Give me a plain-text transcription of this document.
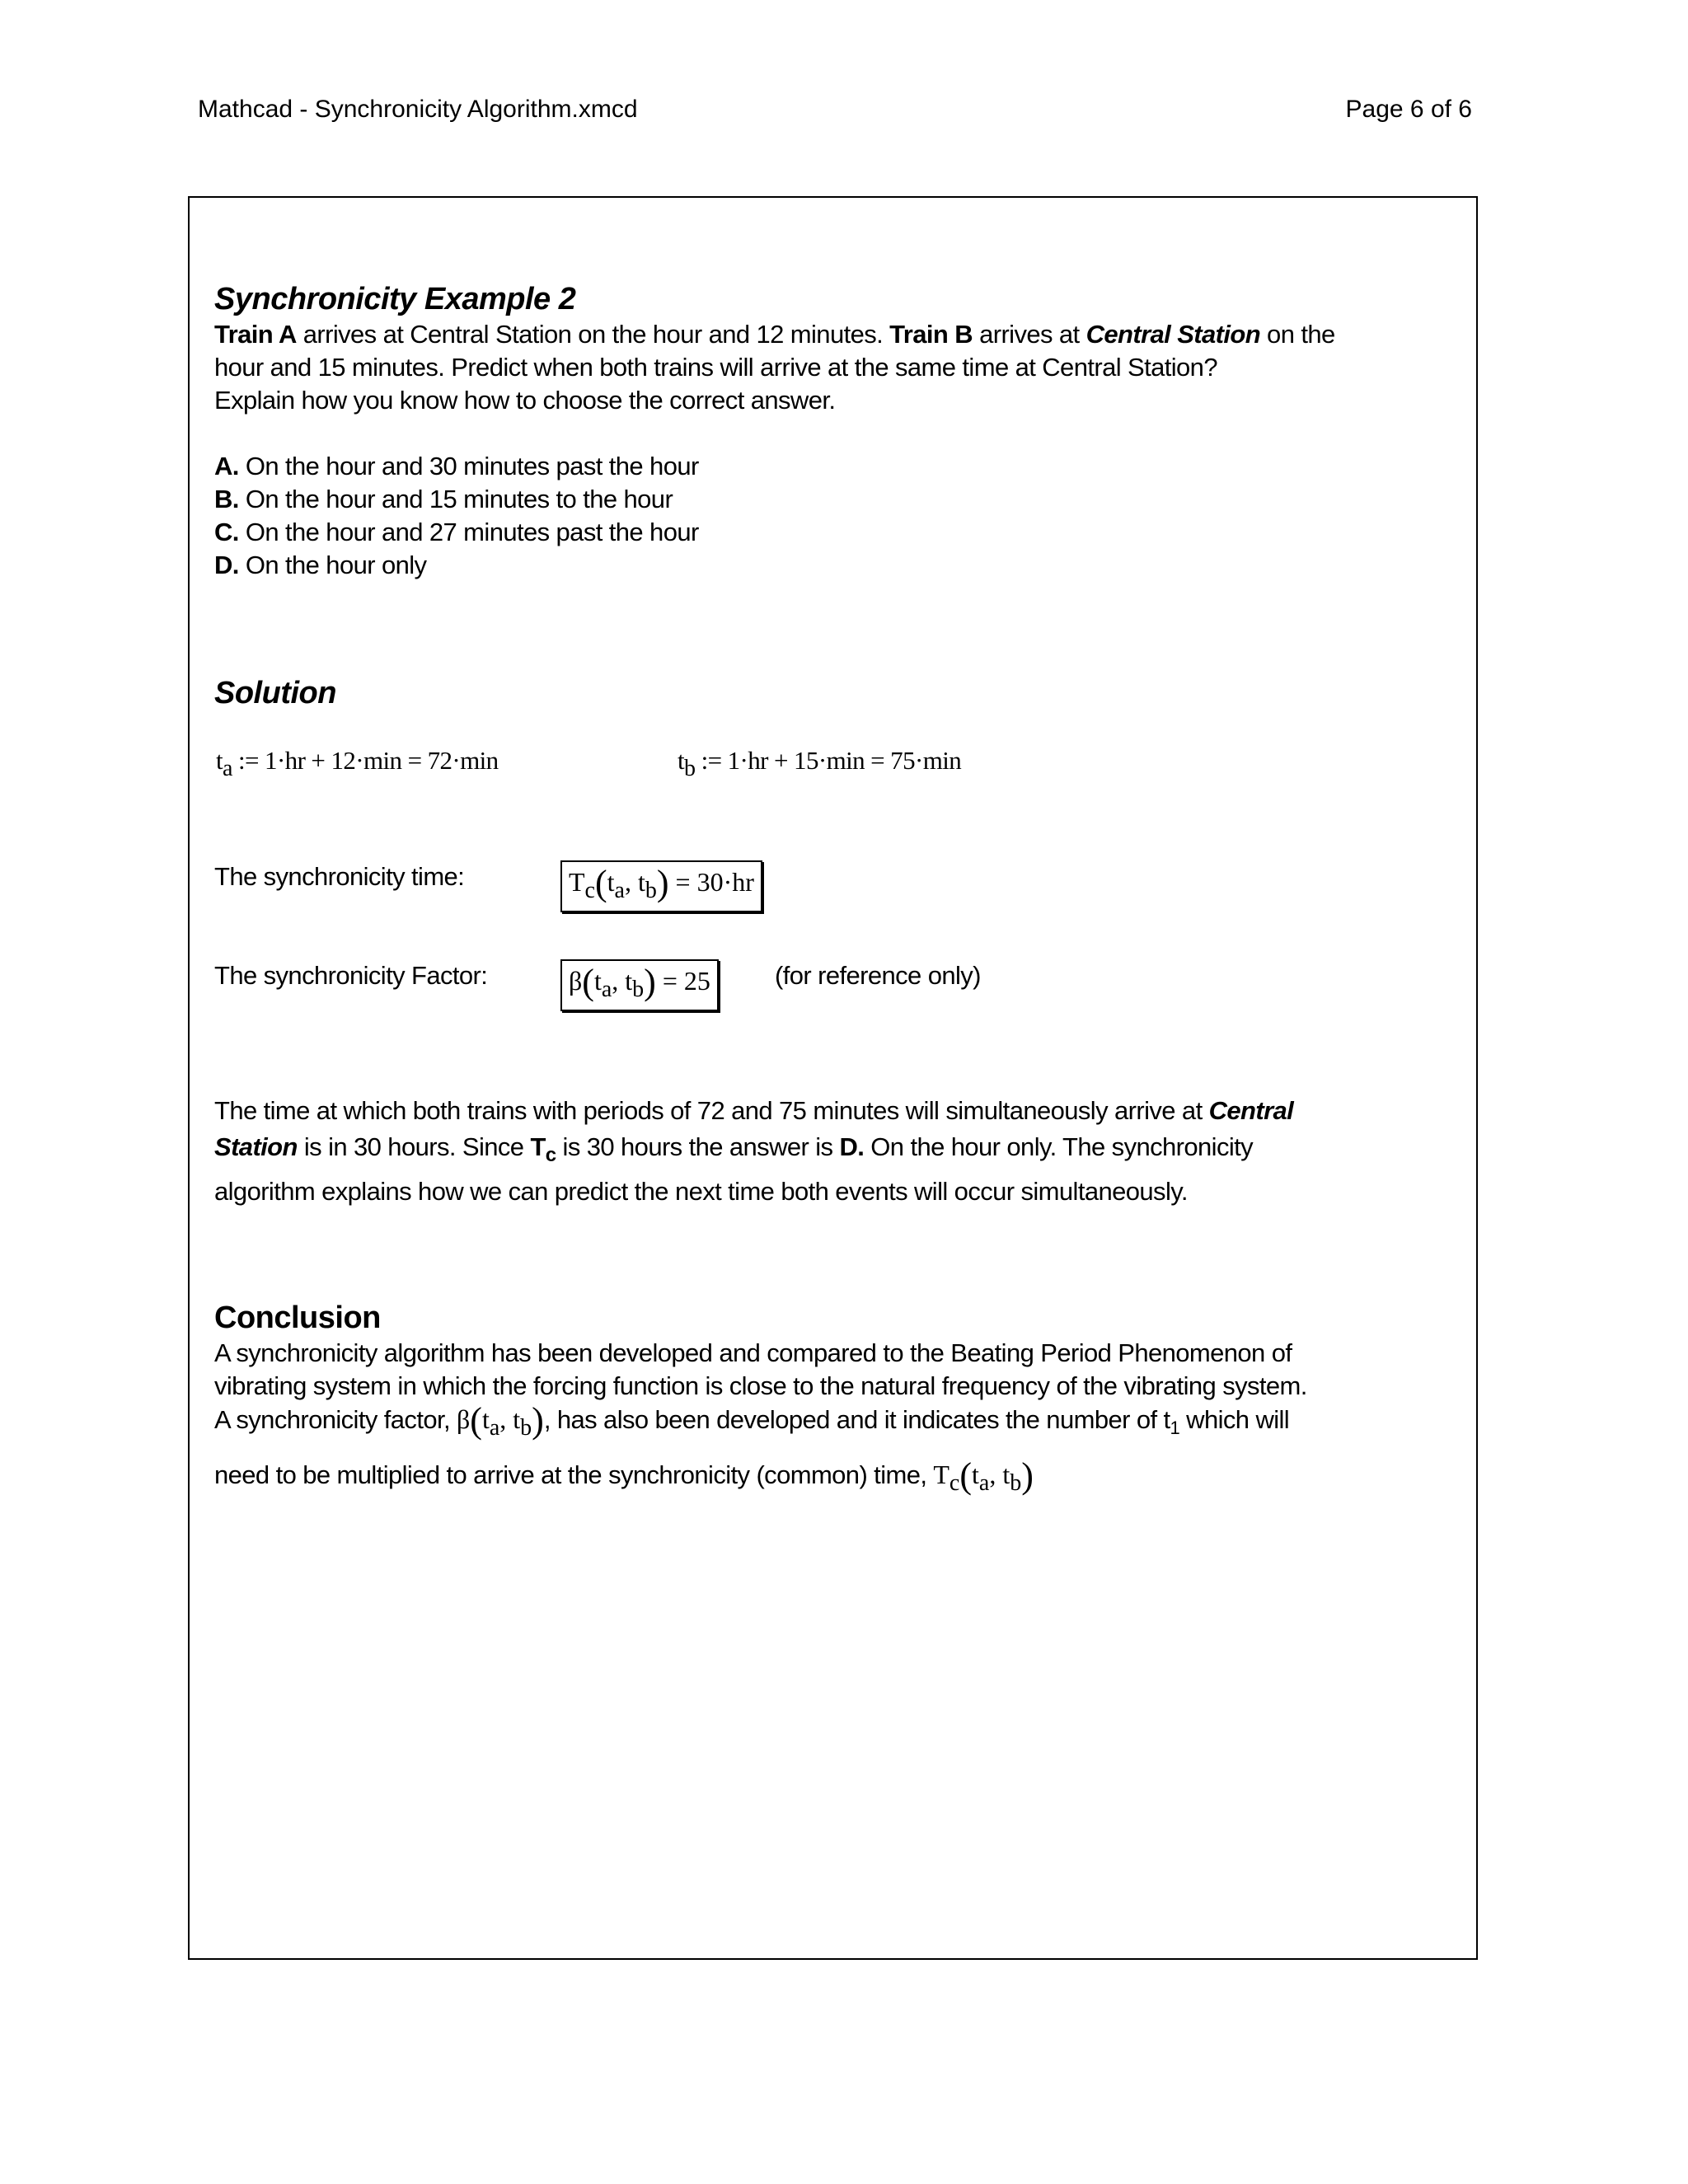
Mathcad - Synchronicity Algorithm.xmcd	Page 6 of 6
Synchronicity Example 2

Train A arrives at Central Station on the hour and 12 minutes. Train B arrives at Central Station on the hour and 15 minutes. Predict when both trains will arrive at the same time at Central Station?

Explain how you know how to choose the correct answer.

A. On the hour and 30 minutes past the hour

B. On the hour and 15 minutes to the hour

C. On the hour and 27 minutes past the hour

D. On the hour only

Solution
$t_a$ := 1·hr + 12·min = 72·min	$t_b$ := 1·hr + 15·min = 75·min
The synchronicity time:	$T_c(t_a$, $t_b) = 30\cdot hr$
The synchronicity Factor:	$\beta(t_a$, $t_b) = 25$	(for reference only)
The time at which both trains with periods of 72 and 75 minutes will simultaneously arrive at Central Station is in 30 hours. Since $T_c$ is 30 hours the answer is D. On the hour only. The synchronicity algorithm explains how we can predict the next time both events will occur simultaneously.
Conclusion

A synchronicity algorithm has been developed and compared to the Beating Period Phenomenon of vibrating system in which the forcing function is close to the natural frequency of the vibrating system.

A synchronicity factor, $\beta(t_a$, $t_b$), has also been developed and it indicates the number of $t_1$ which will

need to be multiplied to arrive at the synchronicity (common) time, $T_c(t_a$, $t_b$)
